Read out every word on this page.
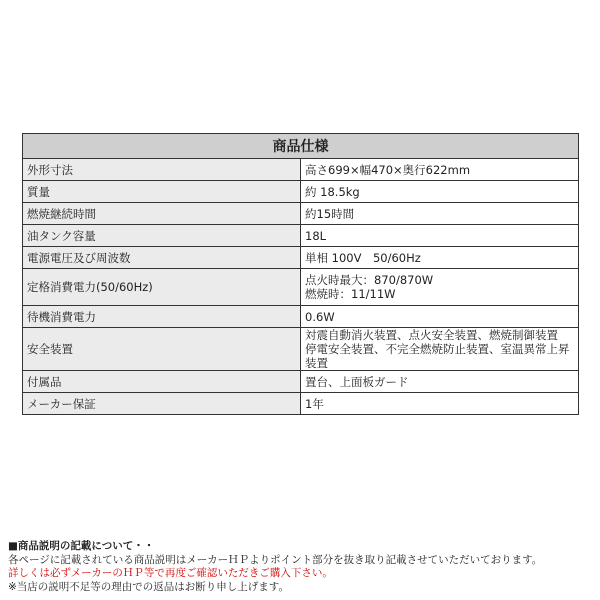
商品仕様	
外形寸法	高さ699×幅470×奥行622mm

質量	約 18.5kg

燃焼継続時間	約15時間

油タンク容量	18L

電源電圧及び周波数	単相 100V　50/60Hz

定格消費電力(50/60Hz)	点火時最大：870/870W
燃焼時：11/11W

待機消費電力	0.6W

安全装置	対震自動消火装置、点火安全装置、燃焼制御装置
停電安全装置、不完全燃焼防止装置、室温異常上昇装置

付属品	置台、上面板ガード

メーカー保証	1年
■商品説明の記載について・・
各ページに記載されている商品説明はメーカーＨＰよりポイント部分を抜き取り記載させていただいております。
詳しくは必ずメーカーのＨＰ等で再度ご確認いただきご購入下さい。
※当店の説明不足等の理由での返品はお断り申し上げます。
